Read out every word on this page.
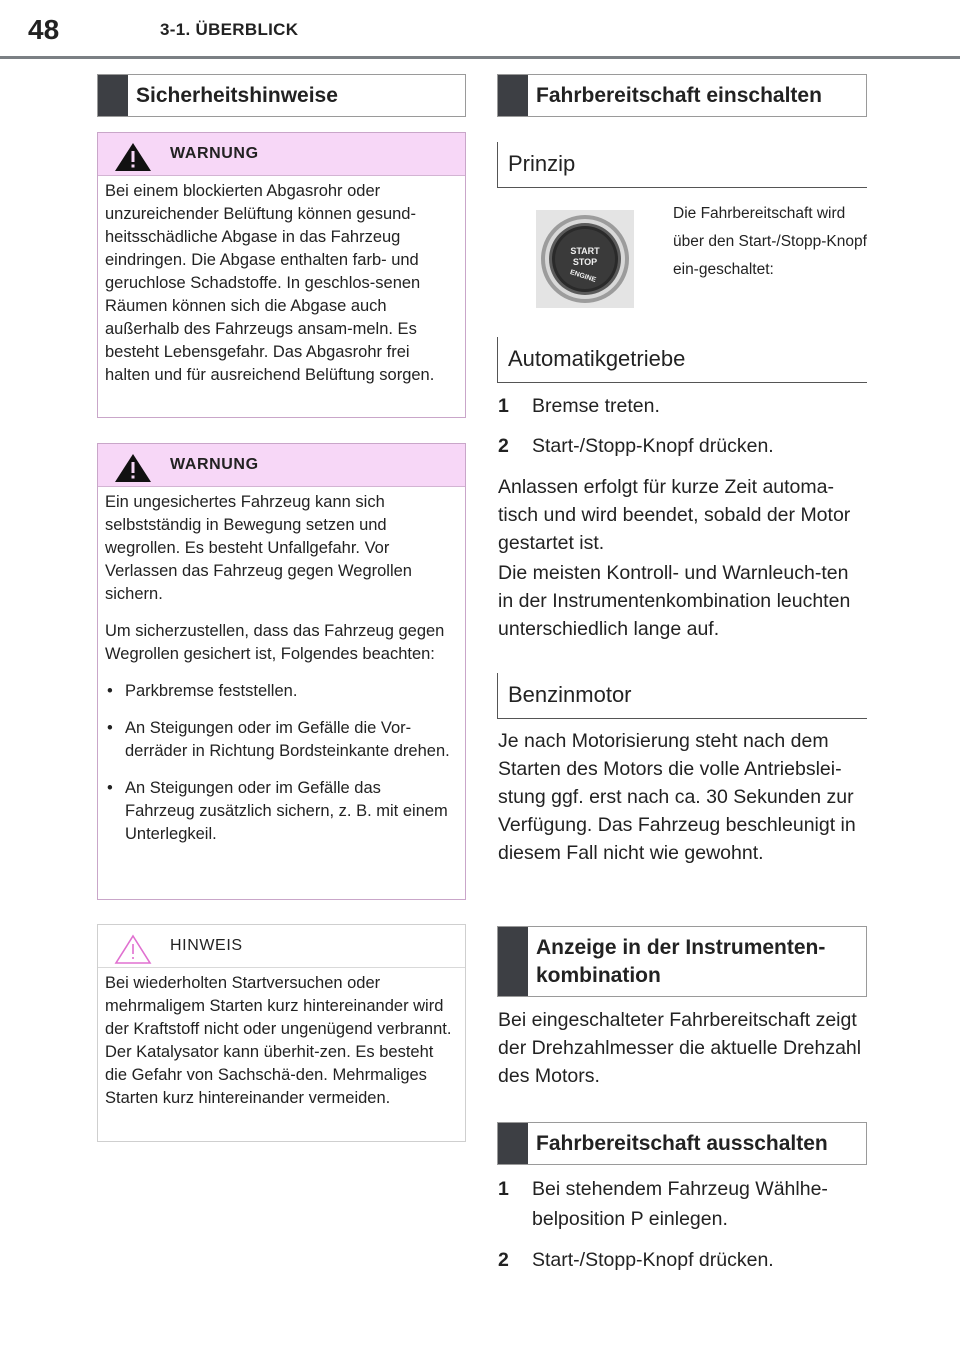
48	3-1. ÜBERBLICK
Sicherheitshinweise
WARNUNG
Bei einem blockierten Abgasrohr oder unzureichender Belüftung können gesund-heitsschädliche Abgase in das Fahrzeug eindringen. Die Abgase enthalten farb- und geruchlose Schadstoffe. In geschlos-senen Räumen können sich die Abgase auch außerhalb des Fahrzeugs ansam-meln. Es besteht Lebensgefahr. Das Abgasrohr frei halten und für ausreichend Belüftung sorgen.
WARNUNG

Ein ungesichertes Fahrzeug kann sich selbstständig in Bewegung setzen und wegrollen. Es besteht Unfallgefahr. Vor Verlassen das Fahrzeug gegen Wegrollen sichern.

Um sicherzustellen, dass das Fahrzeug gegen Wegrollen gesichert ist, Folgendes beachten:

• Parkbremse feststellen.
• An Steigungen oder im Gefälle die Vor-derräder in Richtung Bordsteinkante drehen.
• An Steigungen oder im Gefälle das Fahrzeug zusätzlich sichern, z. B. mit einem Unterlegkeil.
HINWEIS
Bei wiederholten Startversuchen oder mehrmaligem Starten kurz hintereinander wird der Kraftstoff nicht oder ungenügend verbrannt. Der Katalysator kann überhit-zen. Es besteht die Gefahr von Sachschä-den. Mehrmaliges Starten kurz hintereinander vermeiden.
Fahrbereitschaft einschalten
Prinzip
START
STOP
ENGINE
Die Fahrbereitschaft wird über den Start-/Stopp-Knopf ein-geschaltet:
Automatikgetriebe
1 Bremse treten.
2 Start-/Stopp-Knopf drücken.
Anlassen erfolgt für kurze Zeit automa-tisch und wird beendet, sobald der Motor gestartet ist.
Die meisten Kontroll- und Warnleuch-ten in der Instrumentenkombination leuchten unterschiedlich lange auf.
Benzinmotor
Je nach Motorisierung steht nach dem Starten des Motors die volle Antriebslei-stung ggf. erst nach ca. 30 Sekunden zur Verfügung. Das Fahrzeug beschleunigt in diesem Fall nicht wie gewohnt.
Anzeige in der Instrumenten-
kombination
Bei eingeschalteter Fahrbereitschaft zeigt der Drehzahlmesser die aktuelle Drehzahl des Motors.
Fahrbereitschaft ausschalten
1 Bei stehendem Fahrzeug Wählhe-belposition P einlegen.
2 Start-/Stopp-Knopf drücken.
